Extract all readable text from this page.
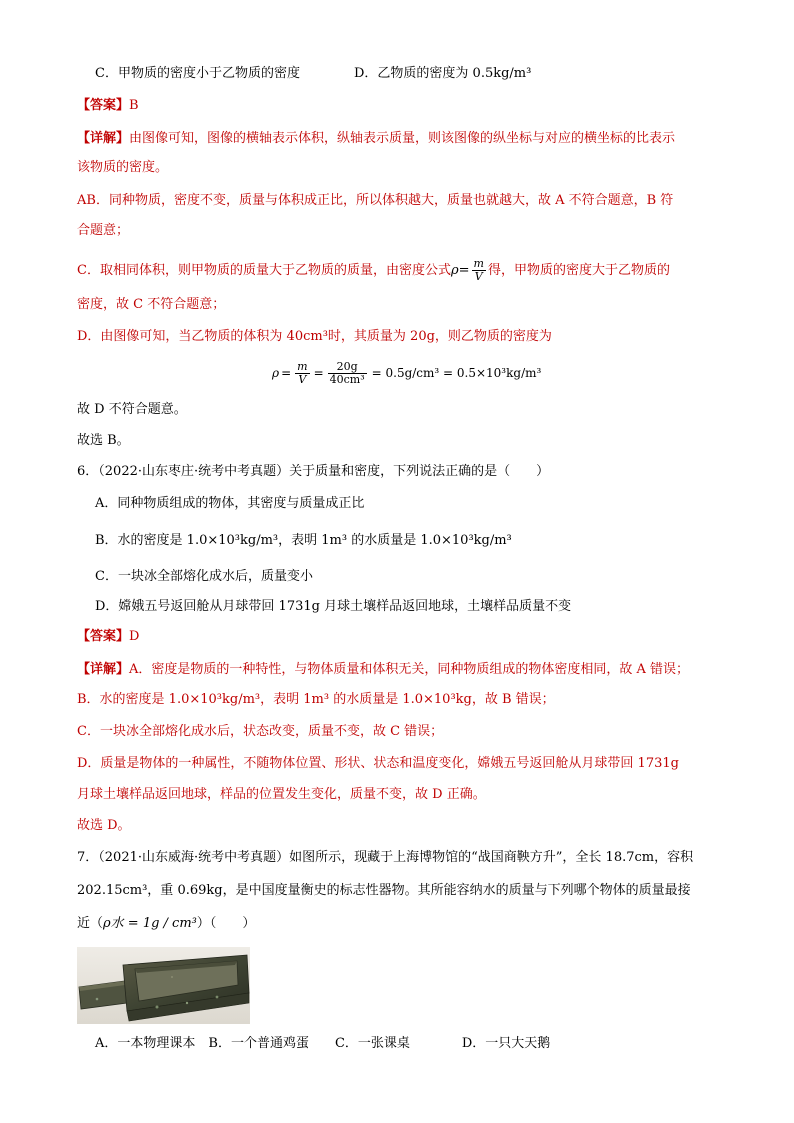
C．甲物质的密度小于乙物质的密度	D．乙物质的密度为 0.5kg/m³
【答案】B
【详解】由图像可知，图像的横轴表示体积，纵轴表示质量，则该图像的纵坐标与对应的横坐标的比表示
该物质的密度。
AB．同种物质，密度不变，质量与体积成正比，所以体积越大，质量也就越大，故 A 不符合题意，B 符
合题意；
C．取相同体积，则甲物质的质量大于乙物质的质量，由密度公式$\rho= \frac{m}{V}$ 得，甲物质的密度大于乙物质的
密度，故 C 不符合题意；
D．由图像可知，当乙物质的体积为 40cm³时，其质量为 20g，则乙物质的密度为
$\rho = \frac{m}{V} = \frac{20g}{\text{40cm³}} = 0.5g/cm^3 = 0.5\times 10^3kg/m^3$
故 D 不符合题意。
故选 B。
6．（2022·山东枣庄·统考中考真题）关于质量和密度，下列说法正确的是（　　）
A．同种物质组成的物体，其密度与质量成正比
B．水的密度是 1.0×10³kg/m³，表明 1m³ 的水质量是 1.0×10³kg/m³
C．一块冰全部熔化成水后，质量变小
D．嫦娥五号返回舱从月球带回 1731g 月球土壤样品返回地球，土壤样品质量不变
【答案】D
【详解】A．密度是物质的一种特性，与物体质量和体积无关，同种物质组成的物体密度相同，故 A 错误；
B．水的密度是 1.0×10³kg/m³，表明 1m³ 的水质量是 1.0×10³kg，故 B 错误；
C．一块冰全部熔化成水后，状态改变，质量不变，故 C 错误；
D．质量是物体的一种属性，不随物体位置、形状、状态和温度变化，嫦娥五号返回舱从月球带回 1731g
月球土壤样品返回地球，样品的位置发生变化，质量不变，故 D 正确。
故选 D。
7．（2021·山东威海·统考中考真题）如图所示，现藏于上海博物馆的“战国商鞅方升”，全长 18.7cm，容积
202.15cm³，重 0.69kg，是中国度量衡史的标志性器物。其所能容纳水的质量与下列哪个物体的质量最接
近（ρ水 = 1g / cm³）（　　）
A．一本物理课本　B．一个普通鸡蛋　　C．一张课桌　　　　D．一只大天鹅
